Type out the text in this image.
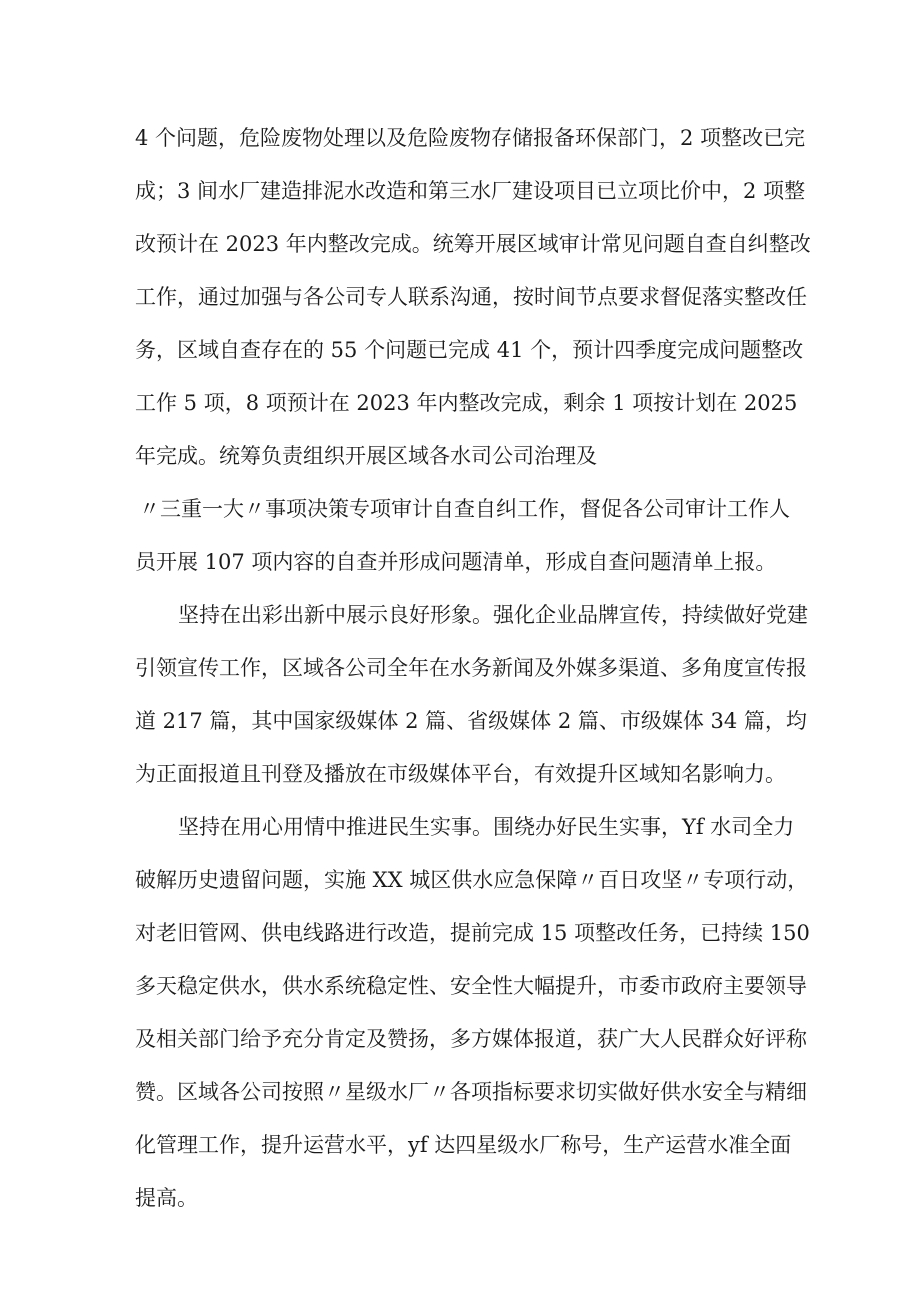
4 个问题，危险废物处理以及危险废物存储报备环保部门，2 项整改已完
成；3 间水厂建造排泥水改造和第三水厂建设项目已立项比价中，2 项整
改预计在 2023 年内整改完成。统筹开展区域审计常见问题自查自纠整改
工作，通过加强与各公司专人联系沟通，按时间节点要求督促落实整改任
务，区域自查存在的 55 个问题已完成 41 个，预计四季度完成问题整改
工作 5 项，8 项预计在 2023 年内整改完成，剩余 1 项按计划在 2025
年完成。统筹负责组织开展区域各水司公司治理及
〃三重一大〃事项决策专项审计自查自纠工作，督促各公司审计工作人
员开展 107 项内容的自查并形成问题清单，形成自查问题清单上报。
坚持在出彩出新中展示良好形象。强化企业品牌宣传，持续做好党建
引领宣传工作，区域各公司全年在水务新闻及外媒多渠道、多角度宣传报
道 217 篇，其中国家级媒体 2 篇、省级媒体 2 篇、市级媒体 34 篇，均
为正面报道且刊登及播放在市级媒体平台，有效提升区域知名影响力。
坚持在用心用情中推进民生实事。围绕办好民生实事，Yf 水司全力
破解历史遗留问题，实施 XX 城区供水应急保障〃百日攻坚〃专项行动，
对老旧管网、供电线路进行改造，提前完成 15 项整改任务，已持续 150
多天稳定供水，供水系统稳定性、安全性大幅提升，市委市政府主要领导
及相关部门给予充分肯定及赞扬，多方媒体报道，获广大人民群众好评称
赞。区域各公司按照〃星级水厂〃各项指标要求切实做好供水安全与精细
化管理工作，提升运营水平，yf 达四星级水厂称号，生产运营水准全面
提高。
